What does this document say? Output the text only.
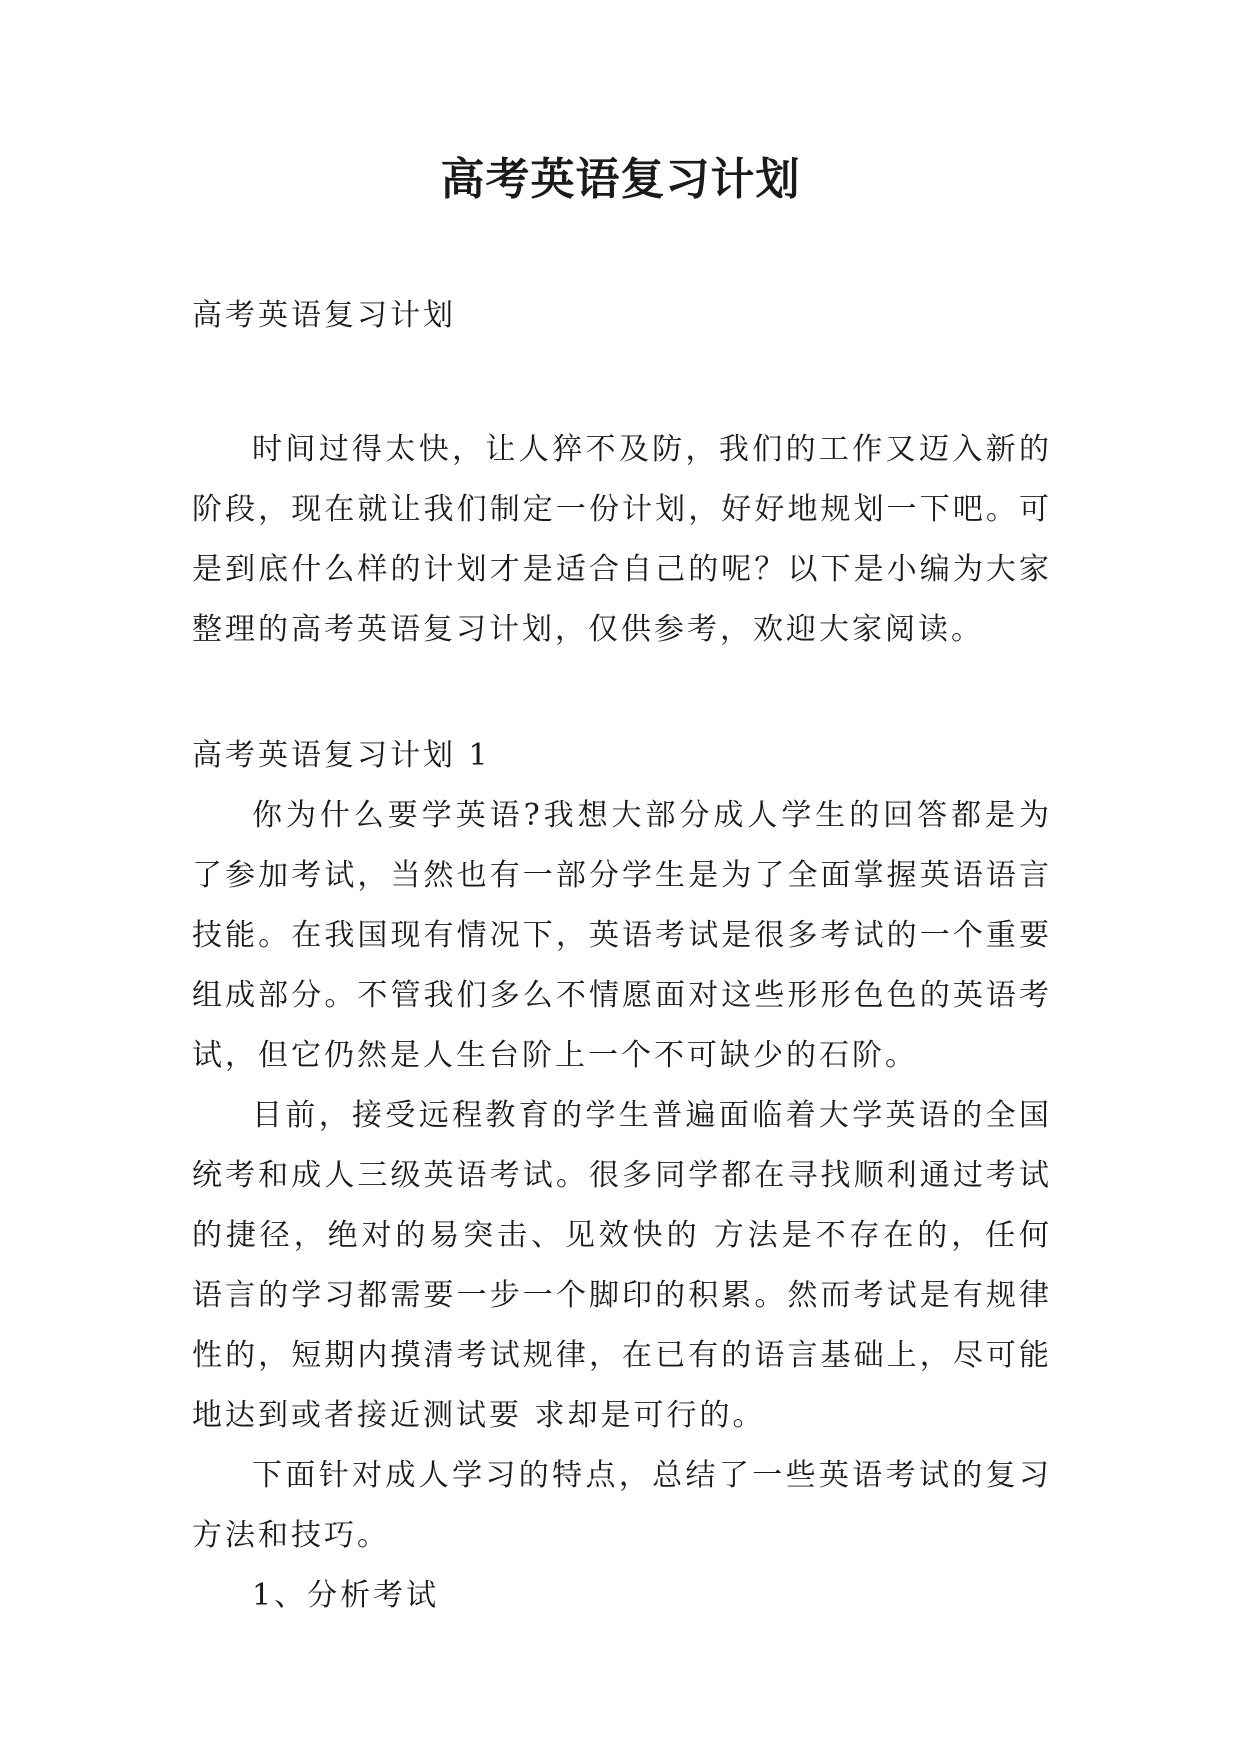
高考英语复习计划

高考英语复习计划

时间过得太快，让人猝不及防，我们的工作又迈入新的阶段，现在就让我们制定一份计划，好好地规划一下吧。可是到底什么样的计划才是适合自己的呢？以下是小编为大家整理的高考英语复习计划，仅供参考，欢迎大家阅读。

高考英语复习计划 1

你为什么要学英语?我想大部分成人学生的回答都是为了参加考试，当然也有一部分学生是为了全面掌握英语语言技能。在我国现有情况下，英语考试是很多考试的一个重要组成部分。不管我们多么不情愿面对这些形形色色的英语考试，但它仍然是人生台阶上一个不可缺少的石阶。

目前，接受远程教育的学生普遍面临着大学英语的全国统考和成人三级英语考试。很多同学都在寻找顺利通过考试的捷径，绝对的易突击、见效快的 方法是不存在的，任何语言的学习都需要一步一个脚印的积累。然而考试是有规律性的，短期内摸清考试规律，在已有的语言基础上，尽可能地达到或者接近测试要 求却是可行的。

下面针对成人学习的特点，总结了一些英语考试的复习方法和技巧。

1、分析考试
